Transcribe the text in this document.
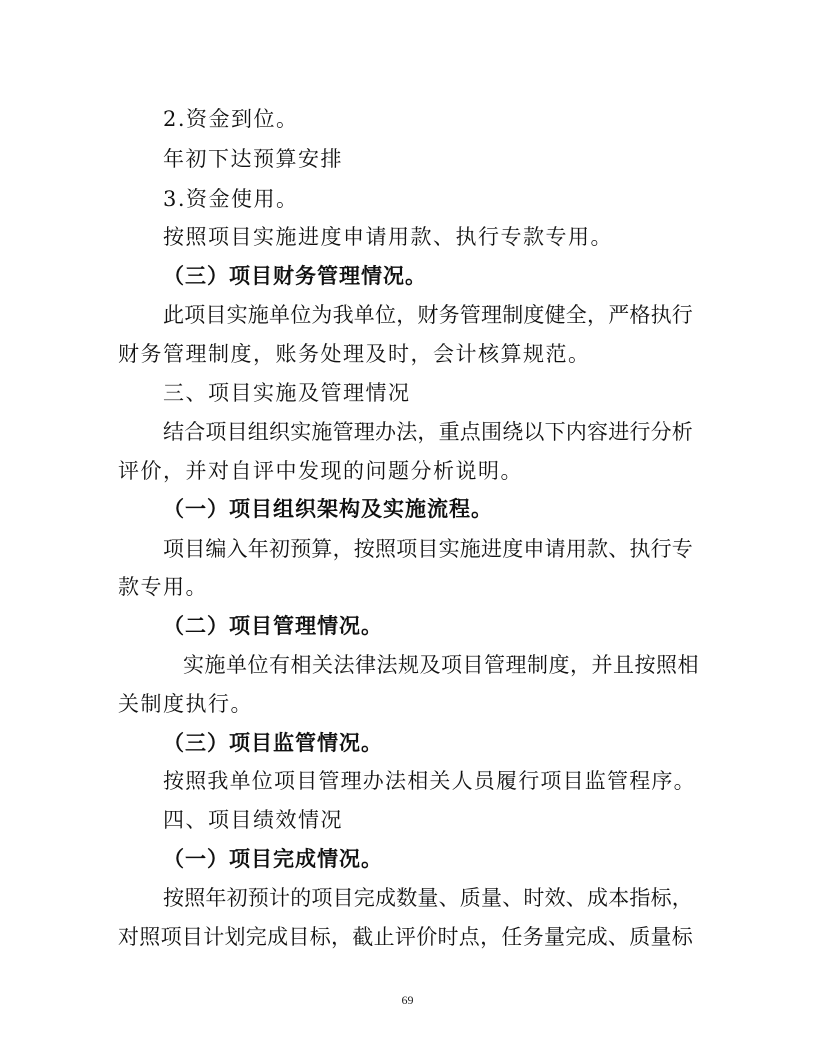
2.资金到位。
年初下达预算安排
3.资金使用。
按照项目实施进度申请用款、执行专款专用。
（三）项目财务管理情况。
此项目实施单位为我单位，财务管理制度健全，严格执行
财务管理制度，账务处理及时，会计核算规范。
三、项目实施及管理情况
结合项目组织实施管理办法，重点围绕以下内容进行分析
评价，并对自评中发现的问题分析说明。
（一）项目组织架构及实施流程。
项目编入年初预算，按照项目实施进度申请用款、执行专
款专用。
（二）项目管理情况。
实施单位有相关法律法规及项目管理制度，并且按照相
关制度执行。
（三）项目监管情况。
按照我单位项目管理办法相关人员履行项目监管程序。
四、项目绩效情况
（一）项目完成情况。
按照年初预计的项目完成数量、质量、时效、成本指标，
对照项目计划完成目标，截止评价时点，任务量完成、质量标
69
